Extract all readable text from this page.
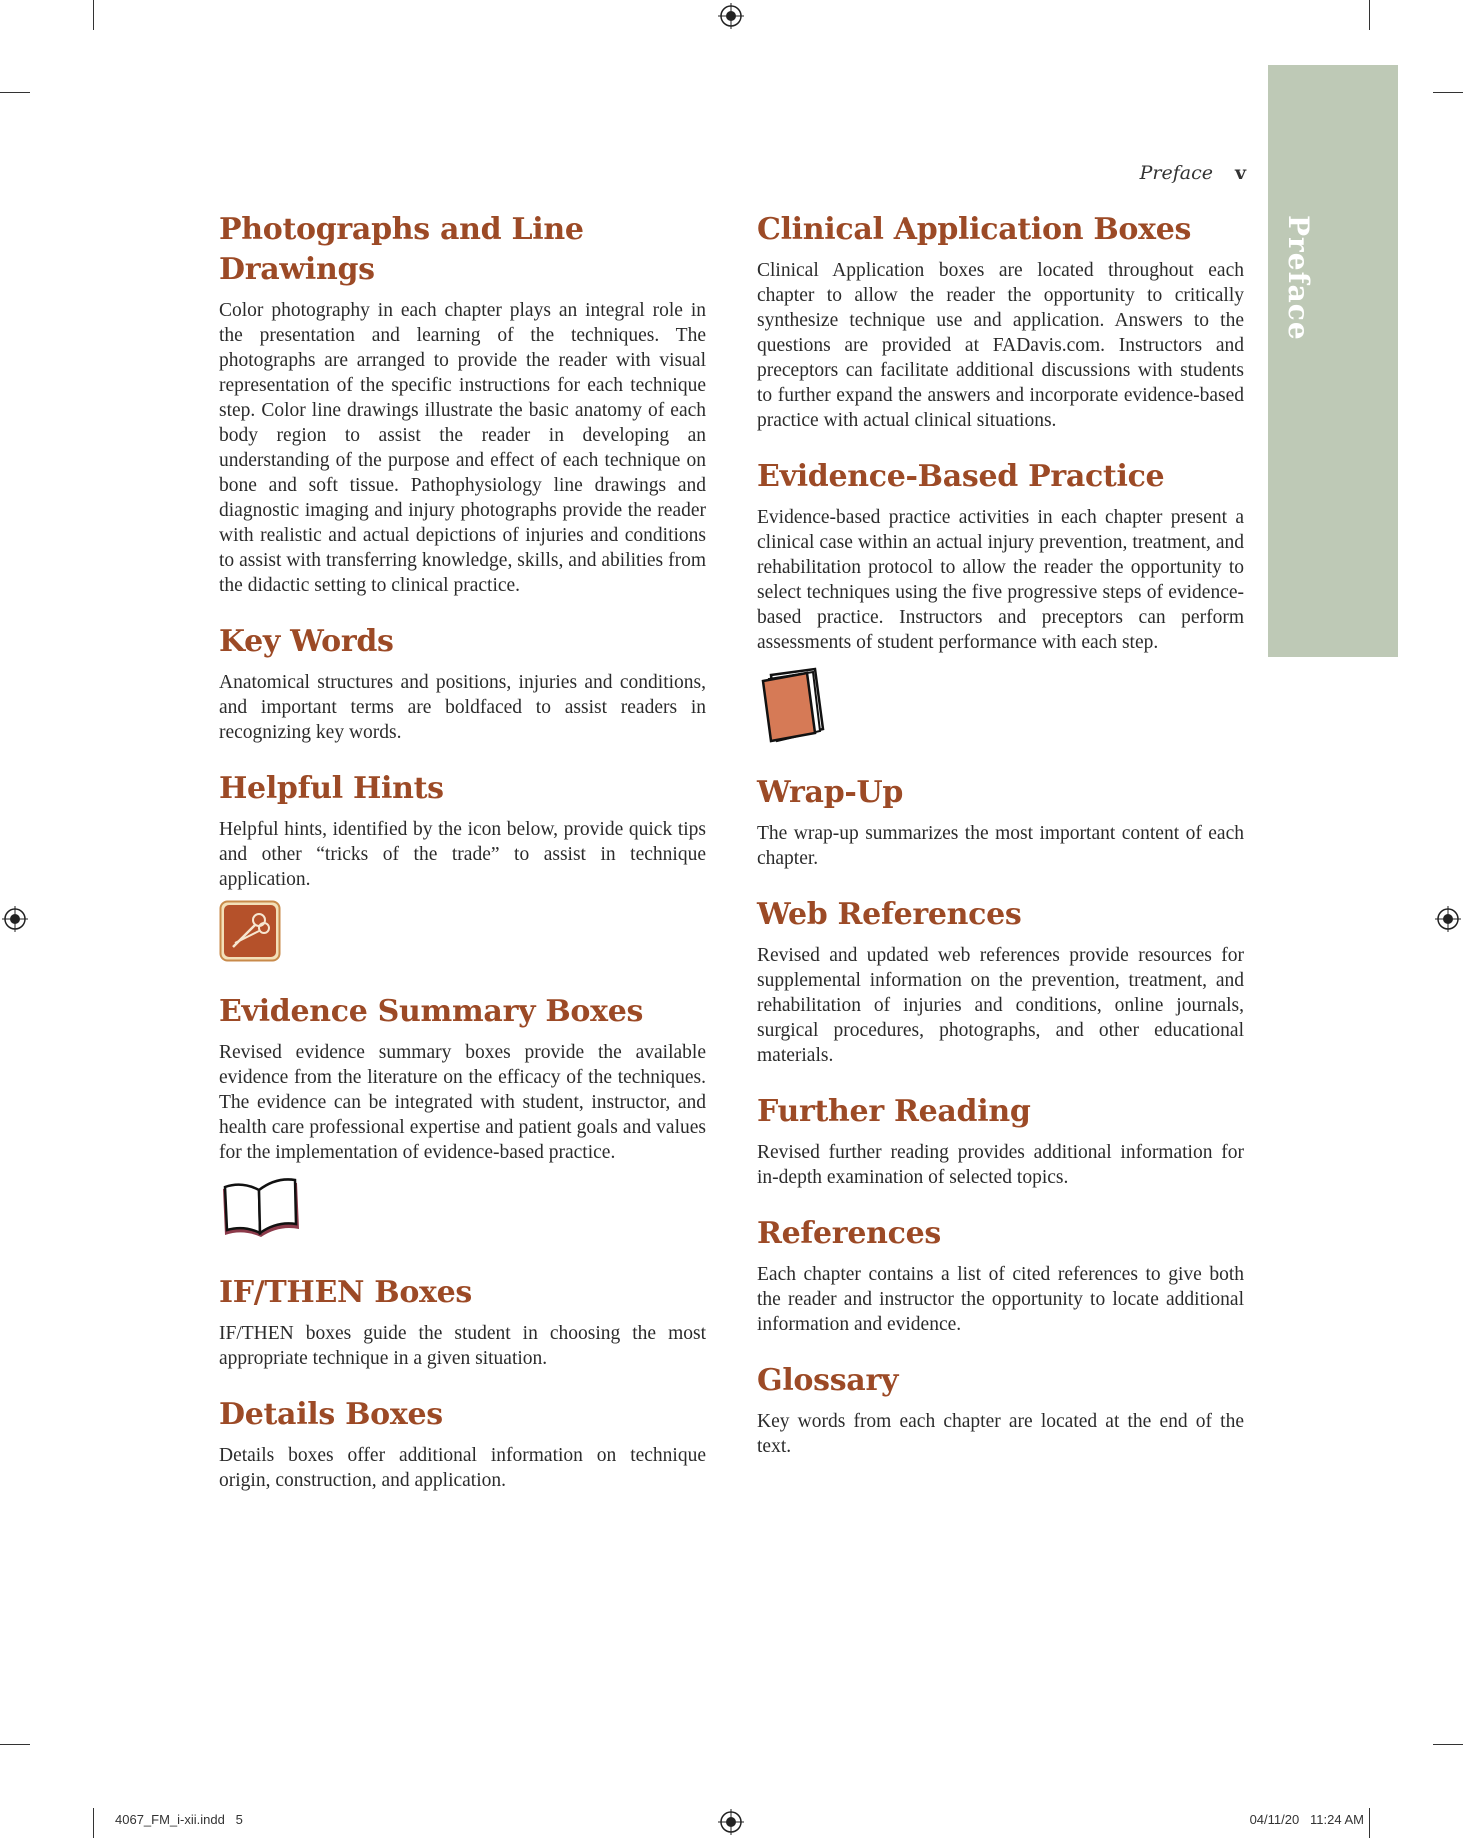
Preface
Preface v
Photographs and Line Drawings

Color photography in each chapter plays an integral role in the presentation and learning of the techniques. The photographs are arranged to provide the reader with visual representation of the specific instructions for each technique step. Color line drawings illustrate the basic anatomy of each body region to assist the reader in developing an understanding of the purpose and effect of each technique on bone and soft tissue. Pathophysiology line drawings and diagnostic imaging and injury photographs provide the reader with realistic and actual depictions of injuries and conditions to assist with transferring knowledge, skills, and abilities from the didactic setting to clinical practice.

Key Words

Anatomical structures and positions, injuries and conditions, and important terms are boldfaced to assist readers in recognizing key words.

Helpful Hints

Helpful hints, identified by the icon below, provide quick tips and other “tricks of the trade” to assist in technique application.

Evidence Summary Boxes

Revised evidence summary boxes provide the available evidence from the literature on the efficacy of the techniques. The evidence can be integrated with student, instructor, and health care professional expertise and patient goals and values for the implementation of evidence-based practice.

IF/THEN Boxes

IF/THEN boxes guide the student in choosing the most appropriate technique in a given situation.

Details Boxes

Details boxes offer additional information on technique origin, construction, and application.

Clinical Application Boxes

Clinical Application boxes are located throughout each chapter to allow the reader the opportunity to critically synthesize technique use and application. Answers to the questions are provided at FADavis.com. Instructors and preceptors can facilitate additional discussions with students to further expand the answers and incorporate evidence-based practice with actual clinical situations.

Evidence-Based Practice

Evidence-based practice activities in each chapter present a clinical case within an actual injury prevention, treatment, and rehabilitation protocol to allow the reader the opportunity to select techniques using the five progressive steps of evidence-based practice. Instructors and preceptors can perform assessments of student performance with each step.

Wrap-Up

The wrap-up summarizes the most important content of each chapter.

Web References

Revised and updated web references provide resources for supplemental information on the prevention, treatment, and rehabilitation of injuries and conditions, online journals, surgical procedures, photographs, and other educational materials.

Further Reading

Revised further reading provides additional information for in-depth examination of selected topics.

References

Each chapter contains a list of cited references to give both the reader and instructor the opportunity to locate additional information and evidence.

Glossary

Key words from each chapter are located at the end of the text.

4067_FM_i-xii.indd   5	04/11/20   11:24 AM
